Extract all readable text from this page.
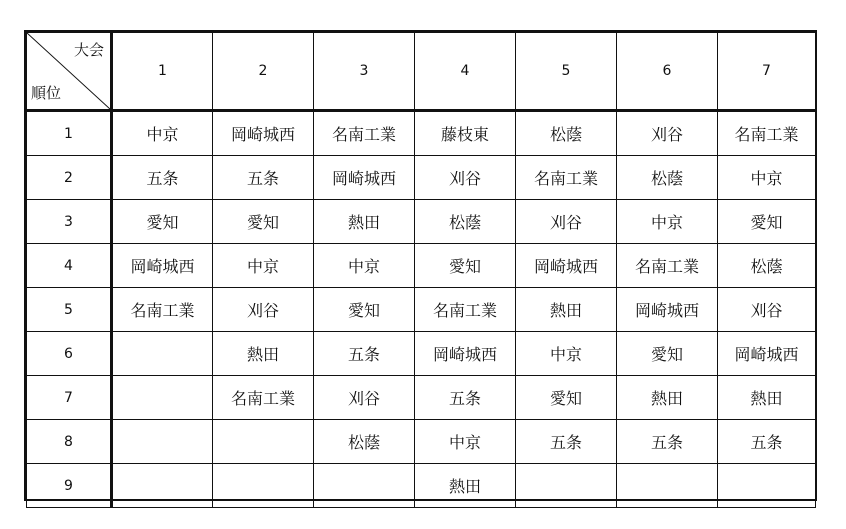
大会
順位	1	2	3	4	5	6	7
1	中京	岡崎城西	名南工業	藤枝東	松蔭	刈谷	名南工業
2	五条	五条	岡崎城西	刈谷	名南工業	松蔭	中京
3	愛知	愛知	熱田	松蔭	刈谷	中京	愛知
4	岡崎城西	中京	中京	愛知	岡崎城西	名南工業	松蔭
5	名南工業	刈谷	愛知	名南工業	熱田	岡崎城西	刈谷
6		熱田	五条	岡崎城西	中京	愛知	岡崎城西
7		名南工業	刈谷	五条	愛知	熱田	熱田
8			松蔭	中京	五条	五条	五条
9				熱田			
